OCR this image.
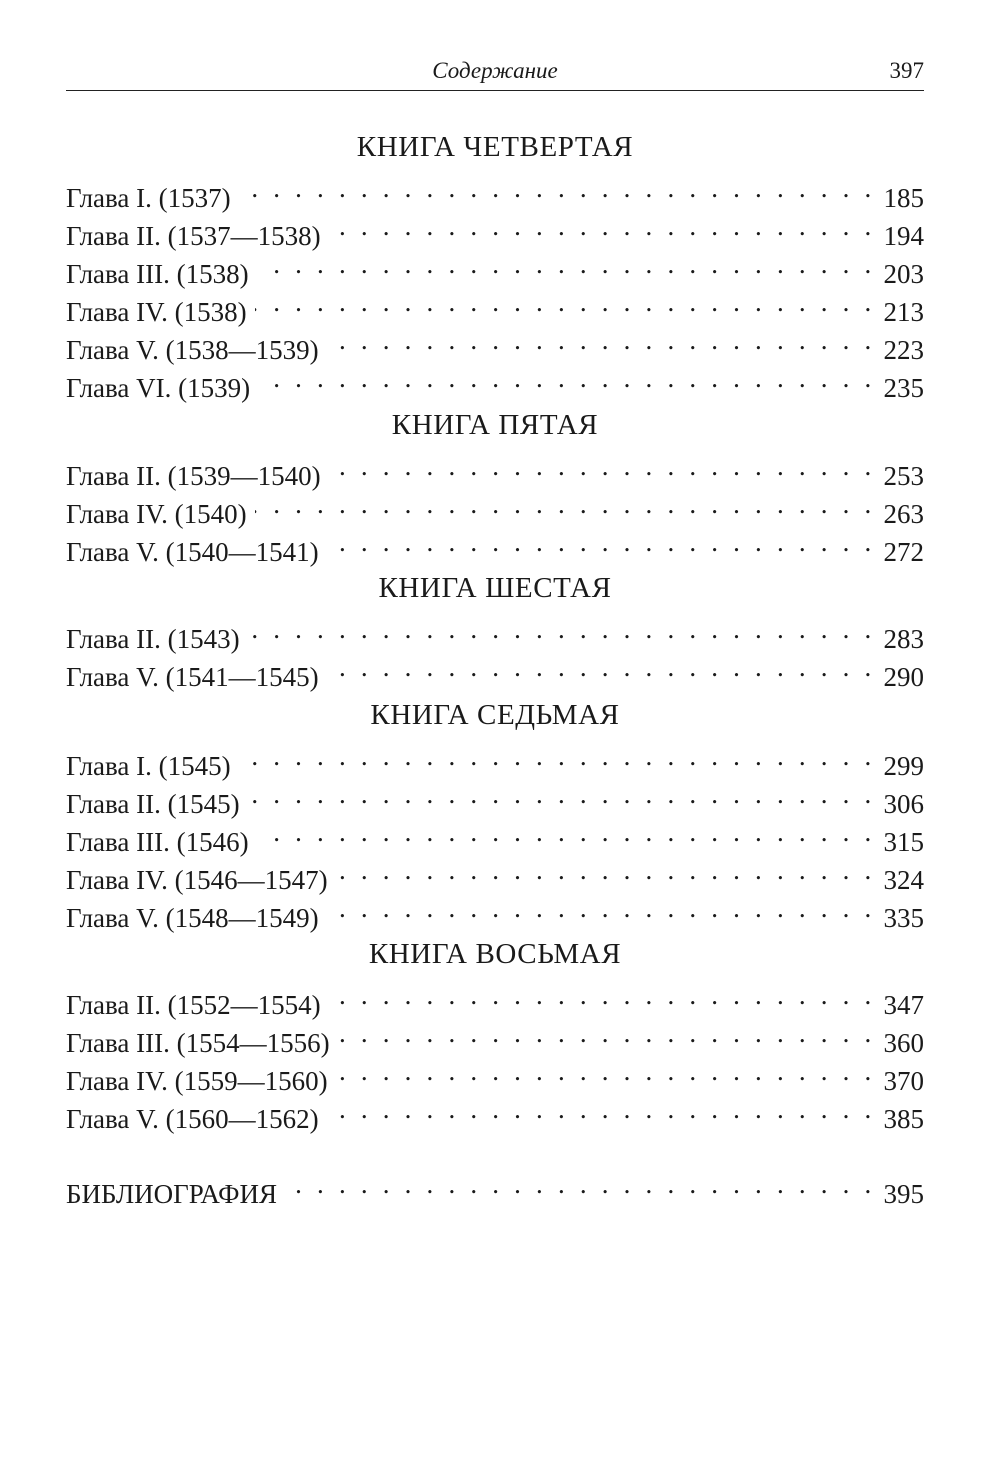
Содержание	397
КНИГА ЧЕТВЕРТАЯ
Глава I. (1537) . . .	185
Глава II. (1537—1538) . . .	194
Глава III. (1538) . . .	203
Глава IV. (1538) . . .	213
Глава V. (1538—1539) . . .	223
Глава VI. (1539) . . .	235
КНИГА ПЯТАЯ
Глава II. (1539—1540) . . .	253
Глава IV. (1540) . . .	263
Глава V. (1540—1541) . . .	272
КНИГА ШЕСТАЯ
Глава II. (1543) . . .	283
Глава V. (1541—1545) . . .	290
КНИГА СЕДЬМАЯ
Глава I. (1545) . . .	299
Глава II. (1545) . . .	306
Глава III. (1546) . . .	315
Глава IV. (1546—1547) . . .	324
Глава V. (1548—1549) . . .	335
КНИГА ВОСЬМАЯ
Глава II. (1552—1554) . . .	347
Глава III. (1554—1556) . . .	360
Глава IV. (1559—1560) . . .	370
Глава V. (1560—1562) . . .	385
БИБЛИОГРАФИЯ . . .	395
